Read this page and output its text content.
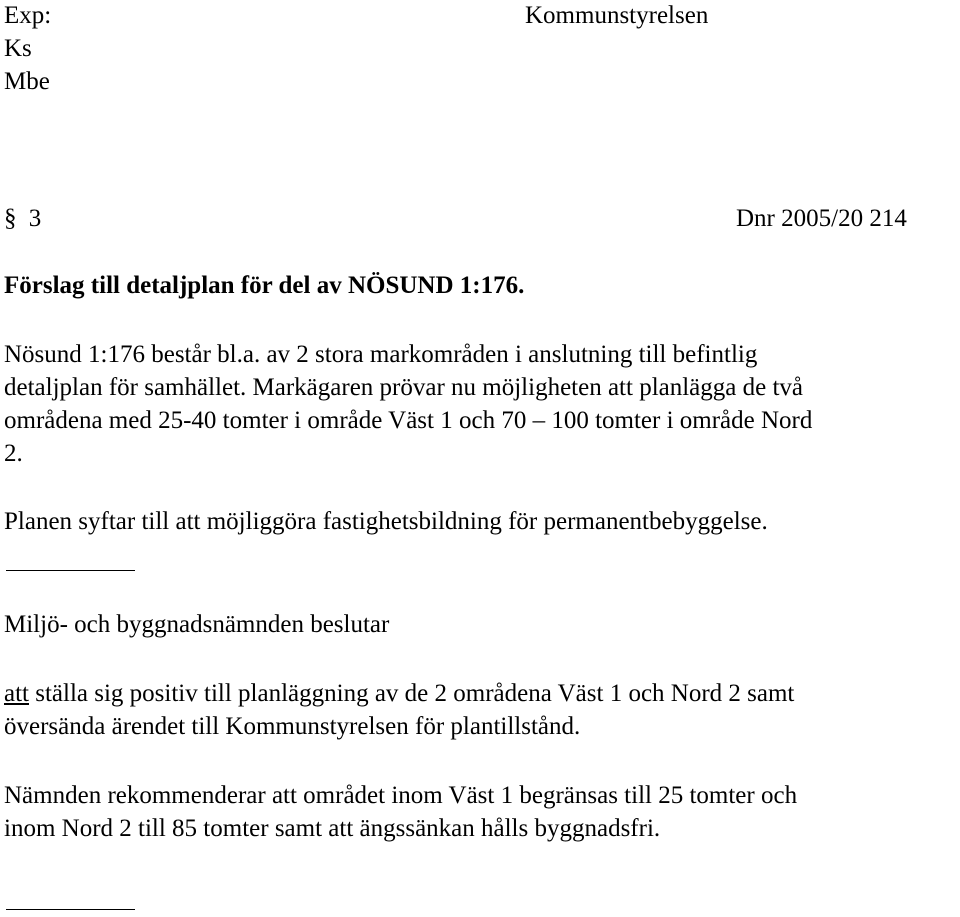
Exp:	Kommunstyrelsen
Ks
Mbe
§ 3	Dnr 2005/20 214
Förslag till detaljplan för del av NÖSUND 1:176.
Nösund 1:176 består bl.a. av 2 stora markområden i anslutning till befintlig
detaljplan för samhället. Markägaren prövar nu möjligheten att planlägga de två
områdena med 25-40 tomter i område Väst 1 och 70 – 100 tomter i område Nord
2.
Planen syftar till att möjliggöra fastighetsbildning för permanentbebyggelse.
Miljö- och byggnadsnämnden beslutar
att ställa sig positiv till planläggning av de 2 områdena Väst 1 och Nord 2 samt
översända ärendet till Kommunstyrelsen för plantillstånd.
Nämnden rekommenderar att området inom Väst 1 begränsas till 25 tomter och
inom Nord 2 till 85 tomter samt att ängssänkan hålls byggnadsfri.
